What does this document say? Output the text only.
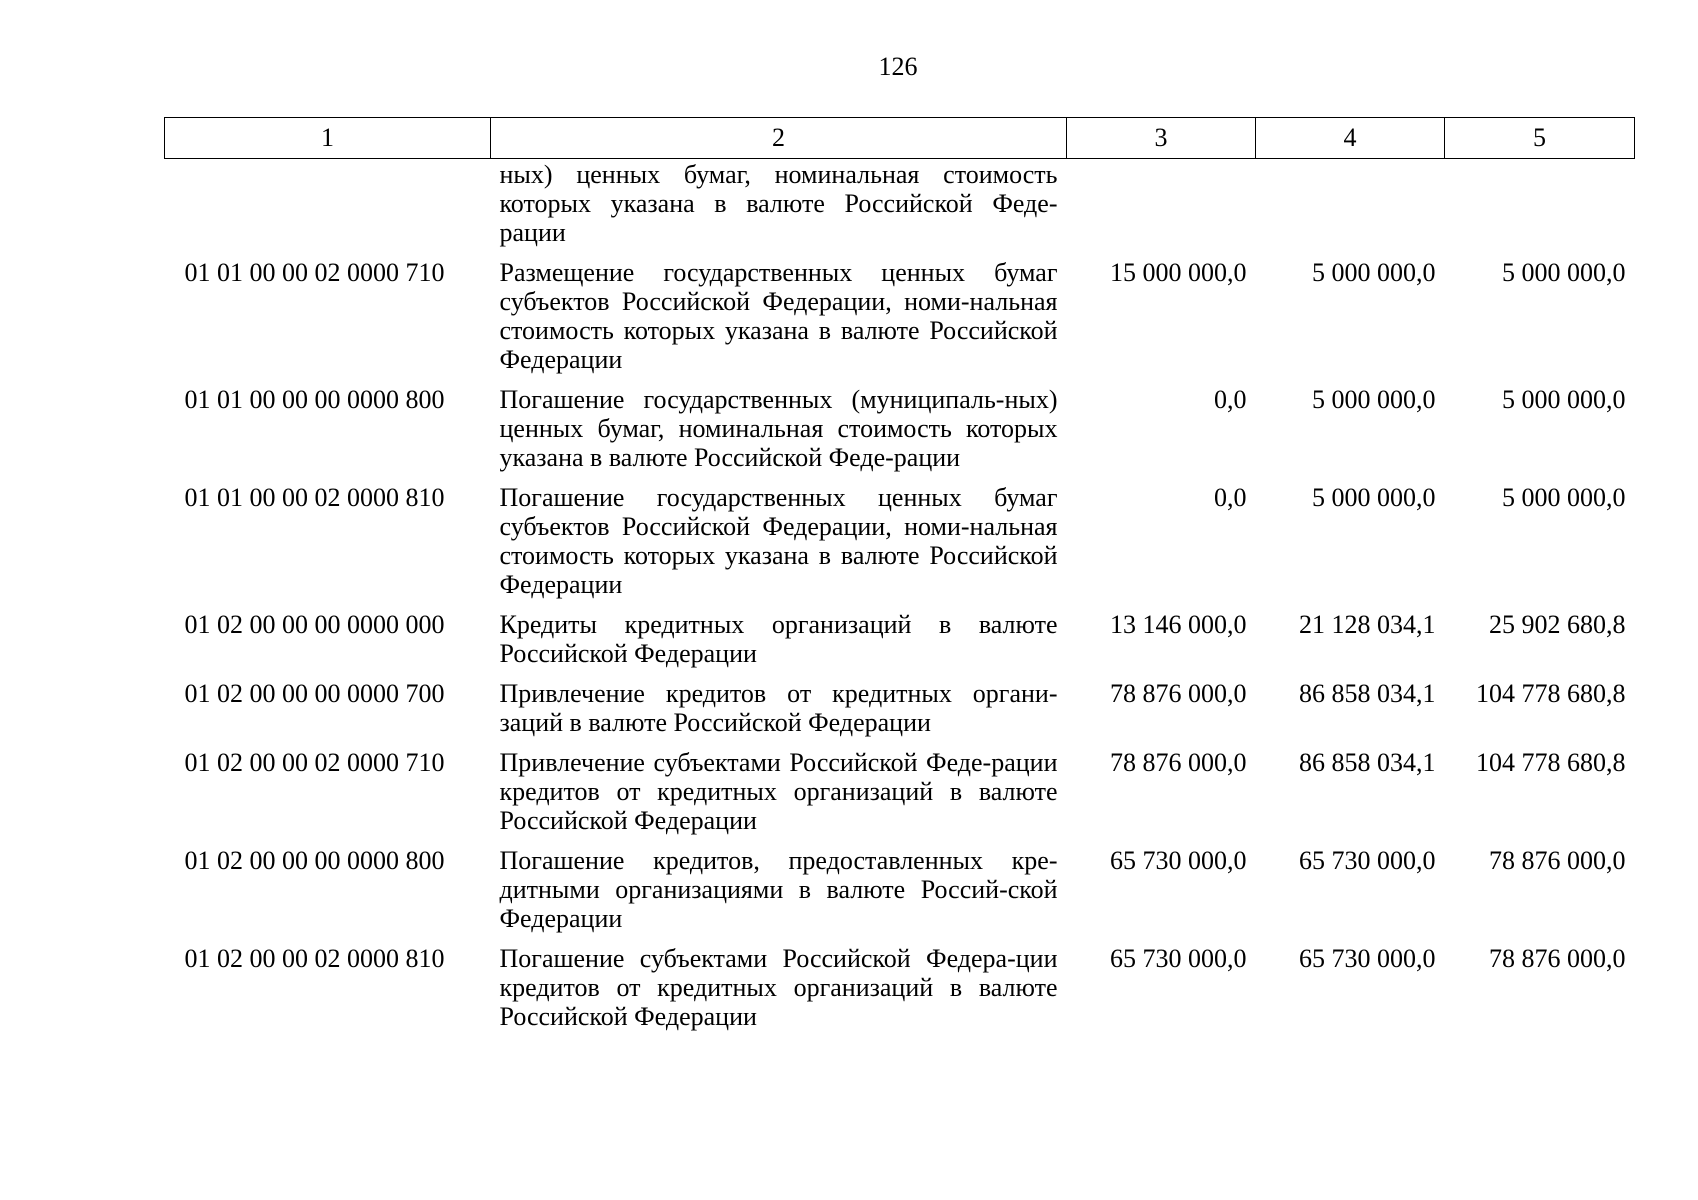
126
1	2	3	4	5
	ных) ценных бумаг, номинальная стоимость которых указана в валюте Российской Феде-рации			
01 01 00 00 02 0000 710	Размещение государственных ценных бумаг субъектов Российской Федерации, номи-нальная стоимость которых указана в валюте Российской Федерации	15 000 000,0	5 000 000,0	5 000 000,0
01 01 00 00 00 0000 800	Погашение государственных (муниципаль-ных) ценных бумаг, номинальная стоимость которых указана в валюте Российской Феде-рации	0,0	5 000 000,0	5 000 000,0
01 01 00 00 02 0000 810	Погашение государственных ценных бумаг субъектов Российской Федерации, номи-нальная стоимость которых указана в валюте Российской Федерации	0,0	5 000 000,0	5 000 000,0
01 02 00 00 00 0000 000	Кредиты кредитных организаций в валюте Российской Федерации	13 146 000,0	21 128 034,1	25 902 680,8
01 02 00 00 00 0000 700	Привлечение кредитов от кредитных органи-заций в валюте Российской Федерации	78 876 000,0	86 858 034,1	104 778 680,8
01 02 00 00 02 0000 710	Привлечение субъектами Российской Феде-рации кредитов от кредитных организаций в валюте Российской Федерации	78 876 000,0	86 858 034,1	104 778 680,8
01 02 00 00 00 0000 800	Погашение кредитов, предоставленных кре-дитными организациями в валюте Россий-ской Федерации	65 730 000,0	65 730 000,0	78 876 000,0
01 02 00 00 02 0000 810	Погашение субъектами Российской Федера-ции кредитов от кредитных организаций в валюте Российской Федерации	65 730 000,0	65 730 000,0	78 876 000,0
